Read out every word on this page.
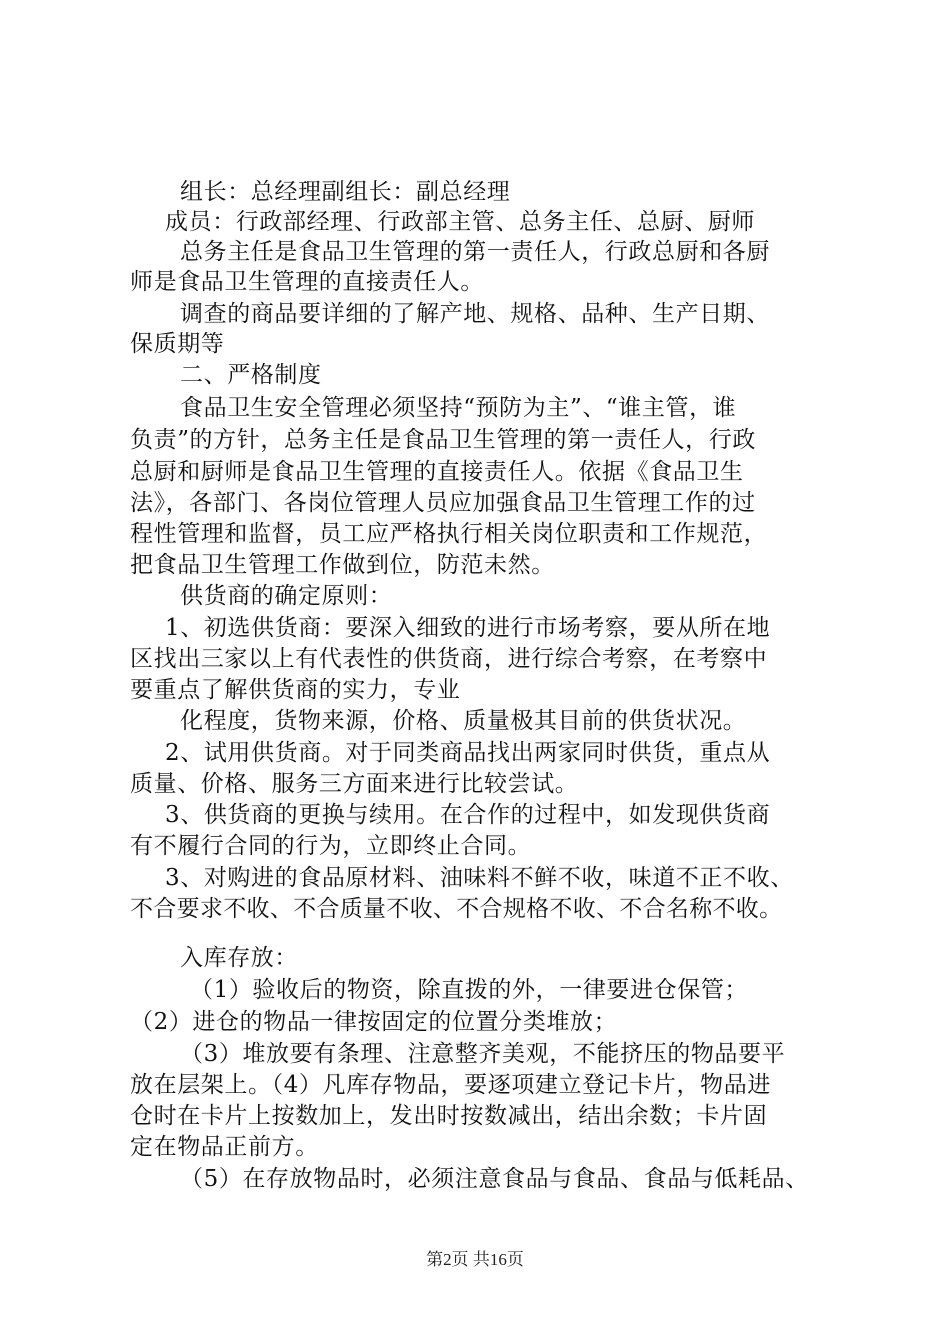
组长：总经理副组长：副总经理
成员：行政部经理、行政部主管、总务主任、总厨、厨师
总务主任是食品卫生管理的第一责任人，行政总厨和各厨
师是食品卫生管理的直接责任人。
调查的商品要详细的了解产地、规格、品种、生产日期、
保质期等
二、严格制度
食品卫生安全管理必须坚持“预防为主”、“谁主管，谁
负责”的方针，总务主任是食品卫生管理的第一责任人，行政
总厨和厨师是食品卫生管理的直接责任人。依据《食品卫生
法》，各部门、各岗位管理人员应加强食品卫生管理工作的过
程性管理和监督，员工应严格执行相关岗位职责和工作规范，
把食品卫生管理工作做到位，防范未然。
供货商的确定原则：
1、初选供货商：要深入细致的进行市场考察，要从所在地
区找出三家以上有代表性的供货商，进行综合考察，在考察中
要重点了解供货商的实力，专业
化程度，货物来源，价格、质量极其目前的供货状况。
2、试用供货商。对于同类商品找出两家同时供货，重点从
质量、价格、服务三方面来进行比较尝试。
3、供货商的更换与续用。在合作的过程中，如发现供货商
有不履行合同的行为，立即终止合同。
3、对购进的食品原材料、油味料不鲜不收，味道不正不收、
不合要求不收、不合质量不收、不合规格不收、不合名称不收。
入库存放：
（1）验收后的物资，除直拨的外，一律要进仓保管；
（2）进仓的物品一律按固定的位置分类堆放；
（3）堆放要有条理、注意整齐美观，不能挤压的物品要平
放在层架上。（4）凡库存物品，要逐项建立登记卡片，物品进
仓时在卡片上按数加上，发出时按数减出，结出余数；卡片固
定在物品正前方。
（5）在存放物品时，必须注意食品与食品、食品与低耗品、
第2页 共16页
